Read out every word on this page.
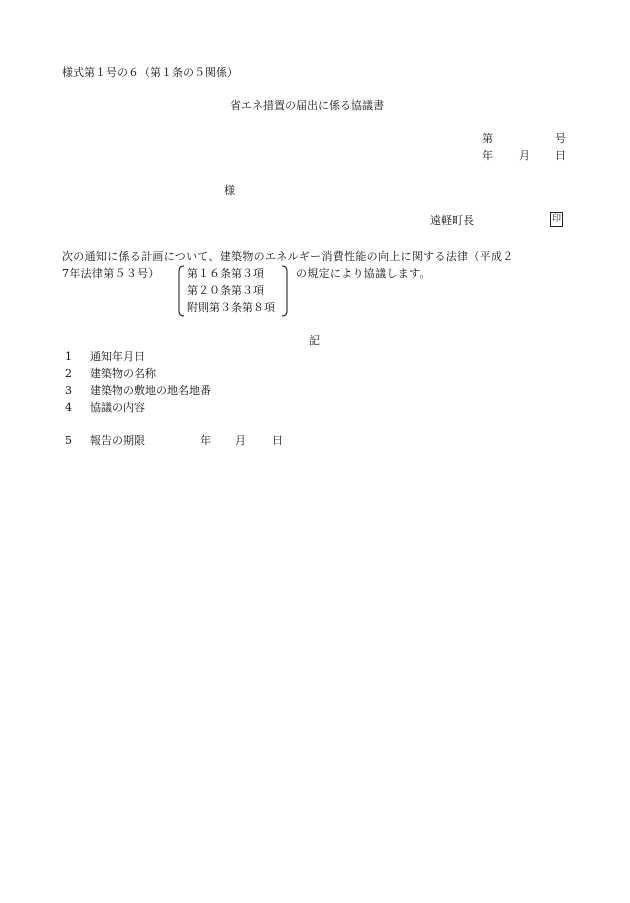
様式第１号の６（第１条の５関係）
省エネ措置の届出に係る協議書
第	号
年 月 日
様
遠軽町長	印
次の通知に係る計画について、建築物のエネルギー消費性能の向上に関する法律（平成２
7年法律第５３号） 第１６条第３項
第２０条第３項
附則第３条第８項
の規定により協議します。
記
1 通知年月日
2 建築物の名称
3 建築物の敷地の地名地番
4 協議の内容
5 報告の期限	年 月 日
